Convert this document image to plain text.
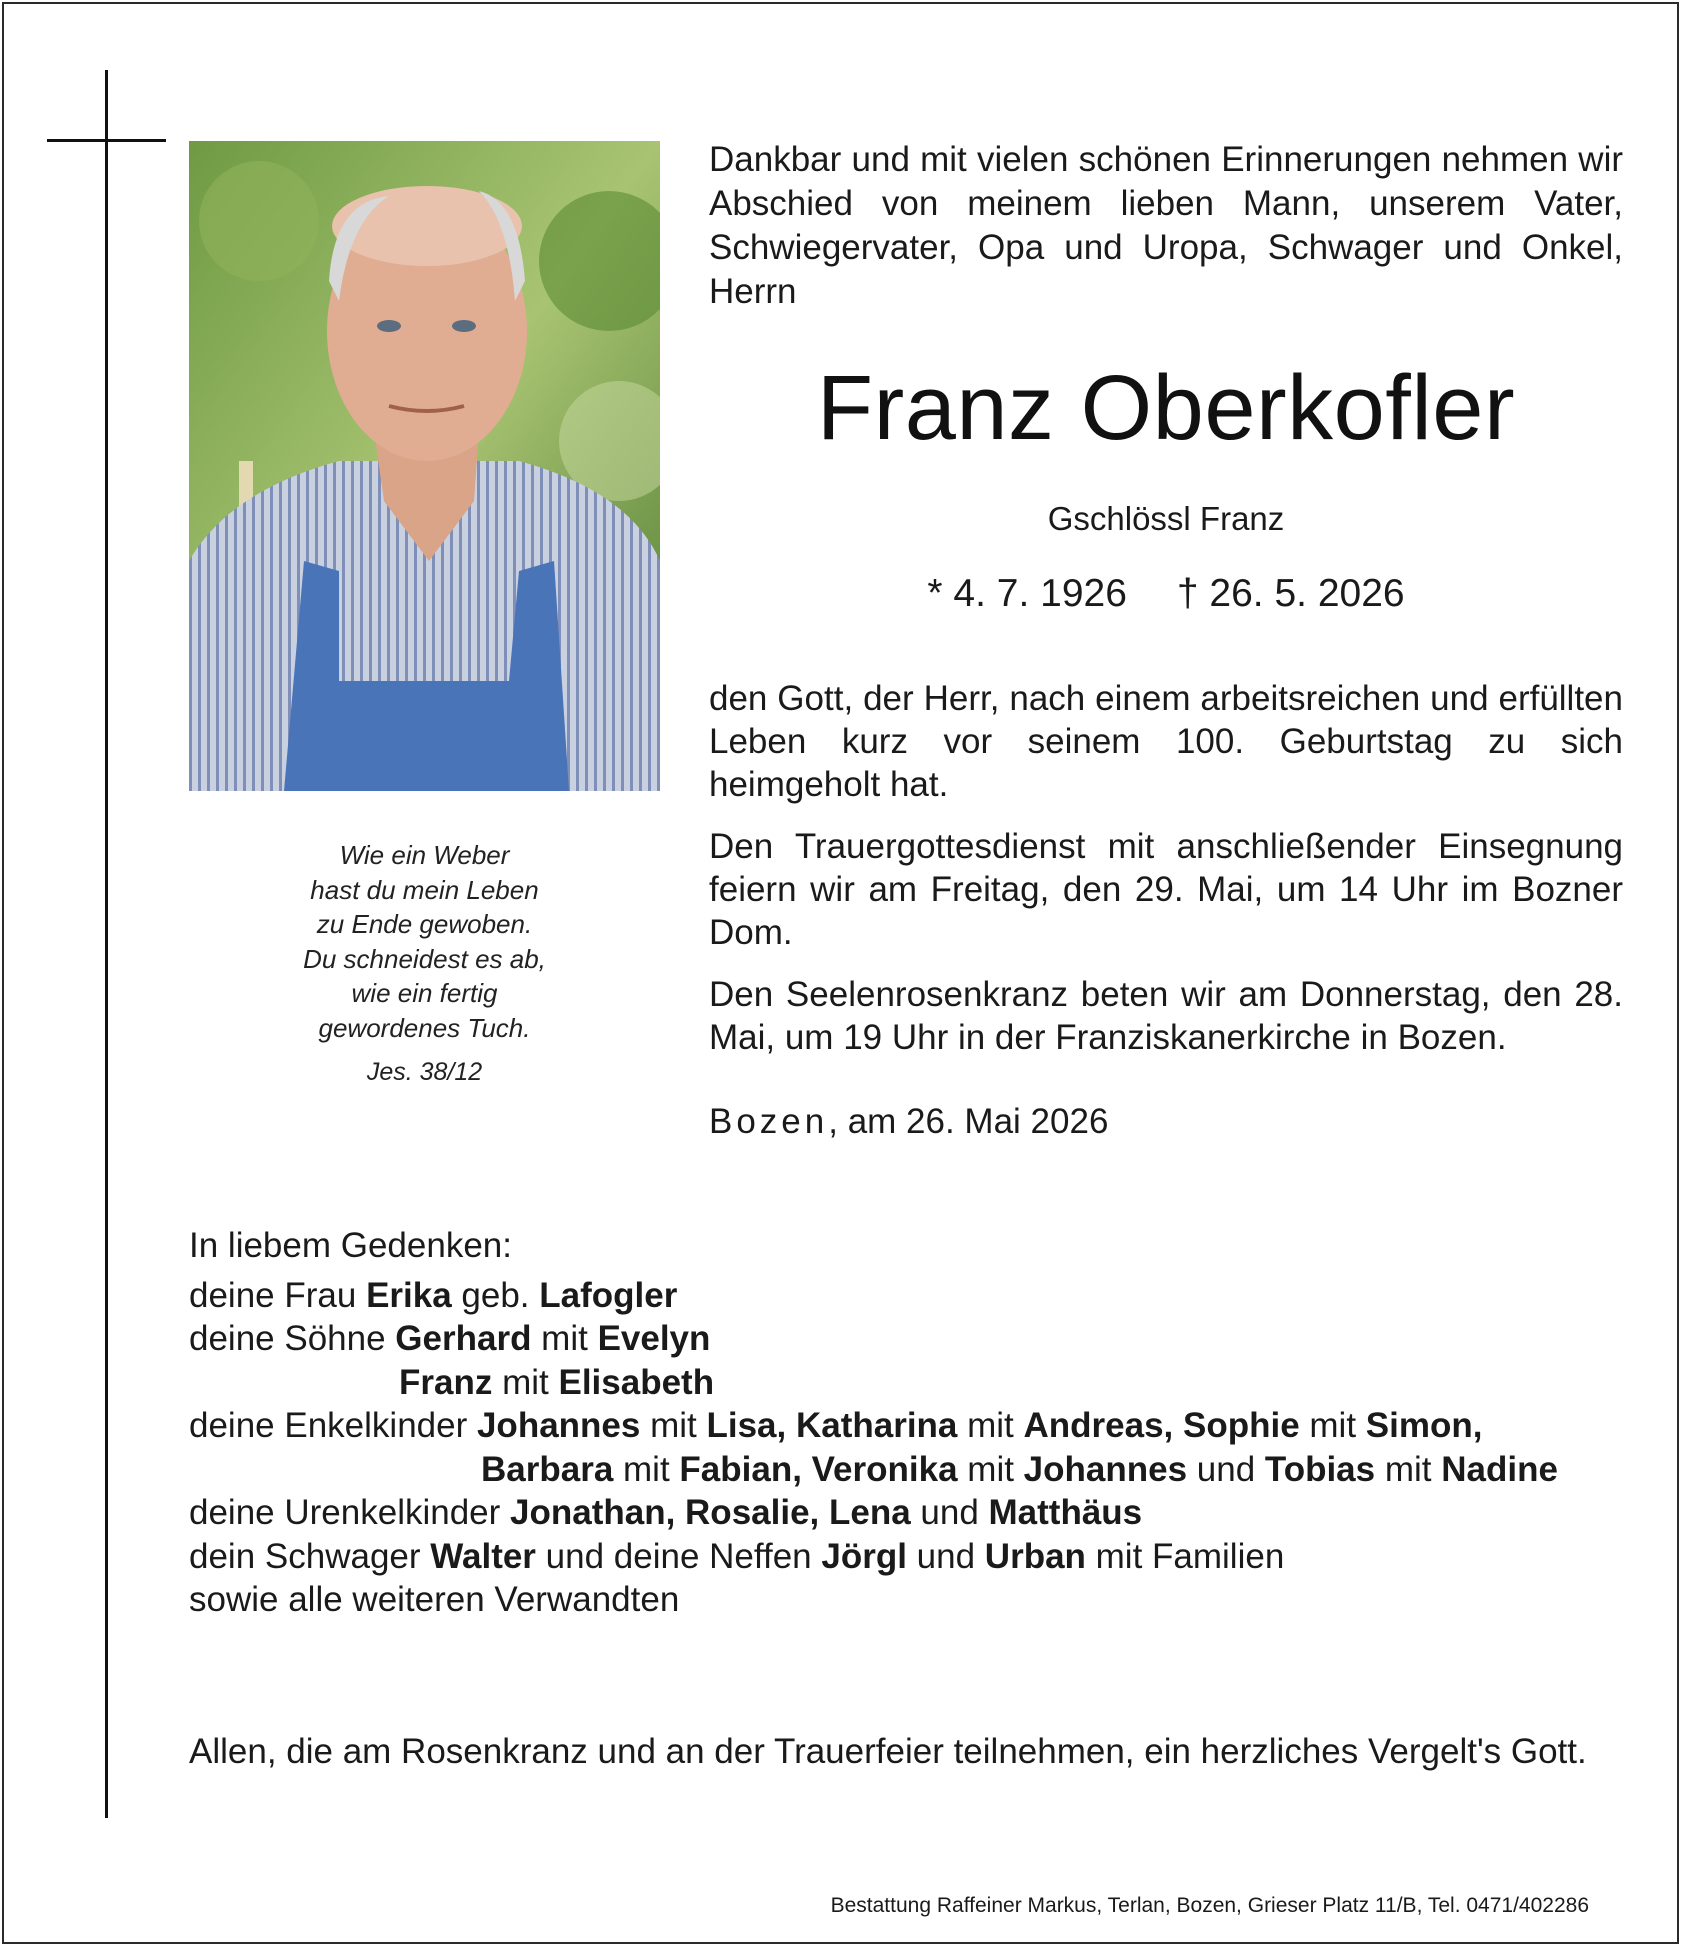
Wie ein Weber
hast du mein Leben
zu Ende gewoben.
Du schneidest es ab,
wie ein fertig
gewordenes Tuch.
Jes. 38/12
Dankbar und mit vielen schönen Erinnerungen nehmen wir Abschied von meinem lieben Mann, unserem Vater, Schwiegervater, Opa und Uropa, Schwager und Onkel, Herrn
Franz Oberkofler
Gschlössl Franz
* 4. 7. 1926 † 26. 5. 2026
den Gott, der Herr, nach einem arbeitsreichen und erfüllten Leben kurz vor seinem 100. Geburtstag zu sich heimgeholt hat.
Den Trauergottesdienst mit anschließender Einsegnung feiern wir am Freitag, den 29. Mai, um 14 Uhr im Bozner Dom.
Den Seelenrosenkranz beten wir am Donnerstag, den 28. Mai, um 19 Uhr in der Franziskanerkirche in Bozen.
Bozen, am 26. Mai 2026
In liebem Gedenken:
deine Frau Erika geb. Lafogler
deine Söhne Gerhard mit Evelyn
Franz mit Elisabeth
deine Enkelkinder Johannes mit Lisa, Katharina mit Andreas, Sophie mit Simon,
Barbara mit Fabian, Veronika mit Johannes und Tobias mit Nadine
deine Urenkelkinder Jonathan, Rosalie, Lena und Matthäus
dein Schwager Walter und deine Neffen Jörgl und Urban mit Familien
sowie alle weiteren Verwandten
Allen, die am Rosenkranz und an der Trauerfeier teilnehmen, ein herzliches Vergelt's Gott.
Bestattung Raffeiner Markus, Terlan, Bozen, Grieser Platz 11/B, Tel. 0471/402286
